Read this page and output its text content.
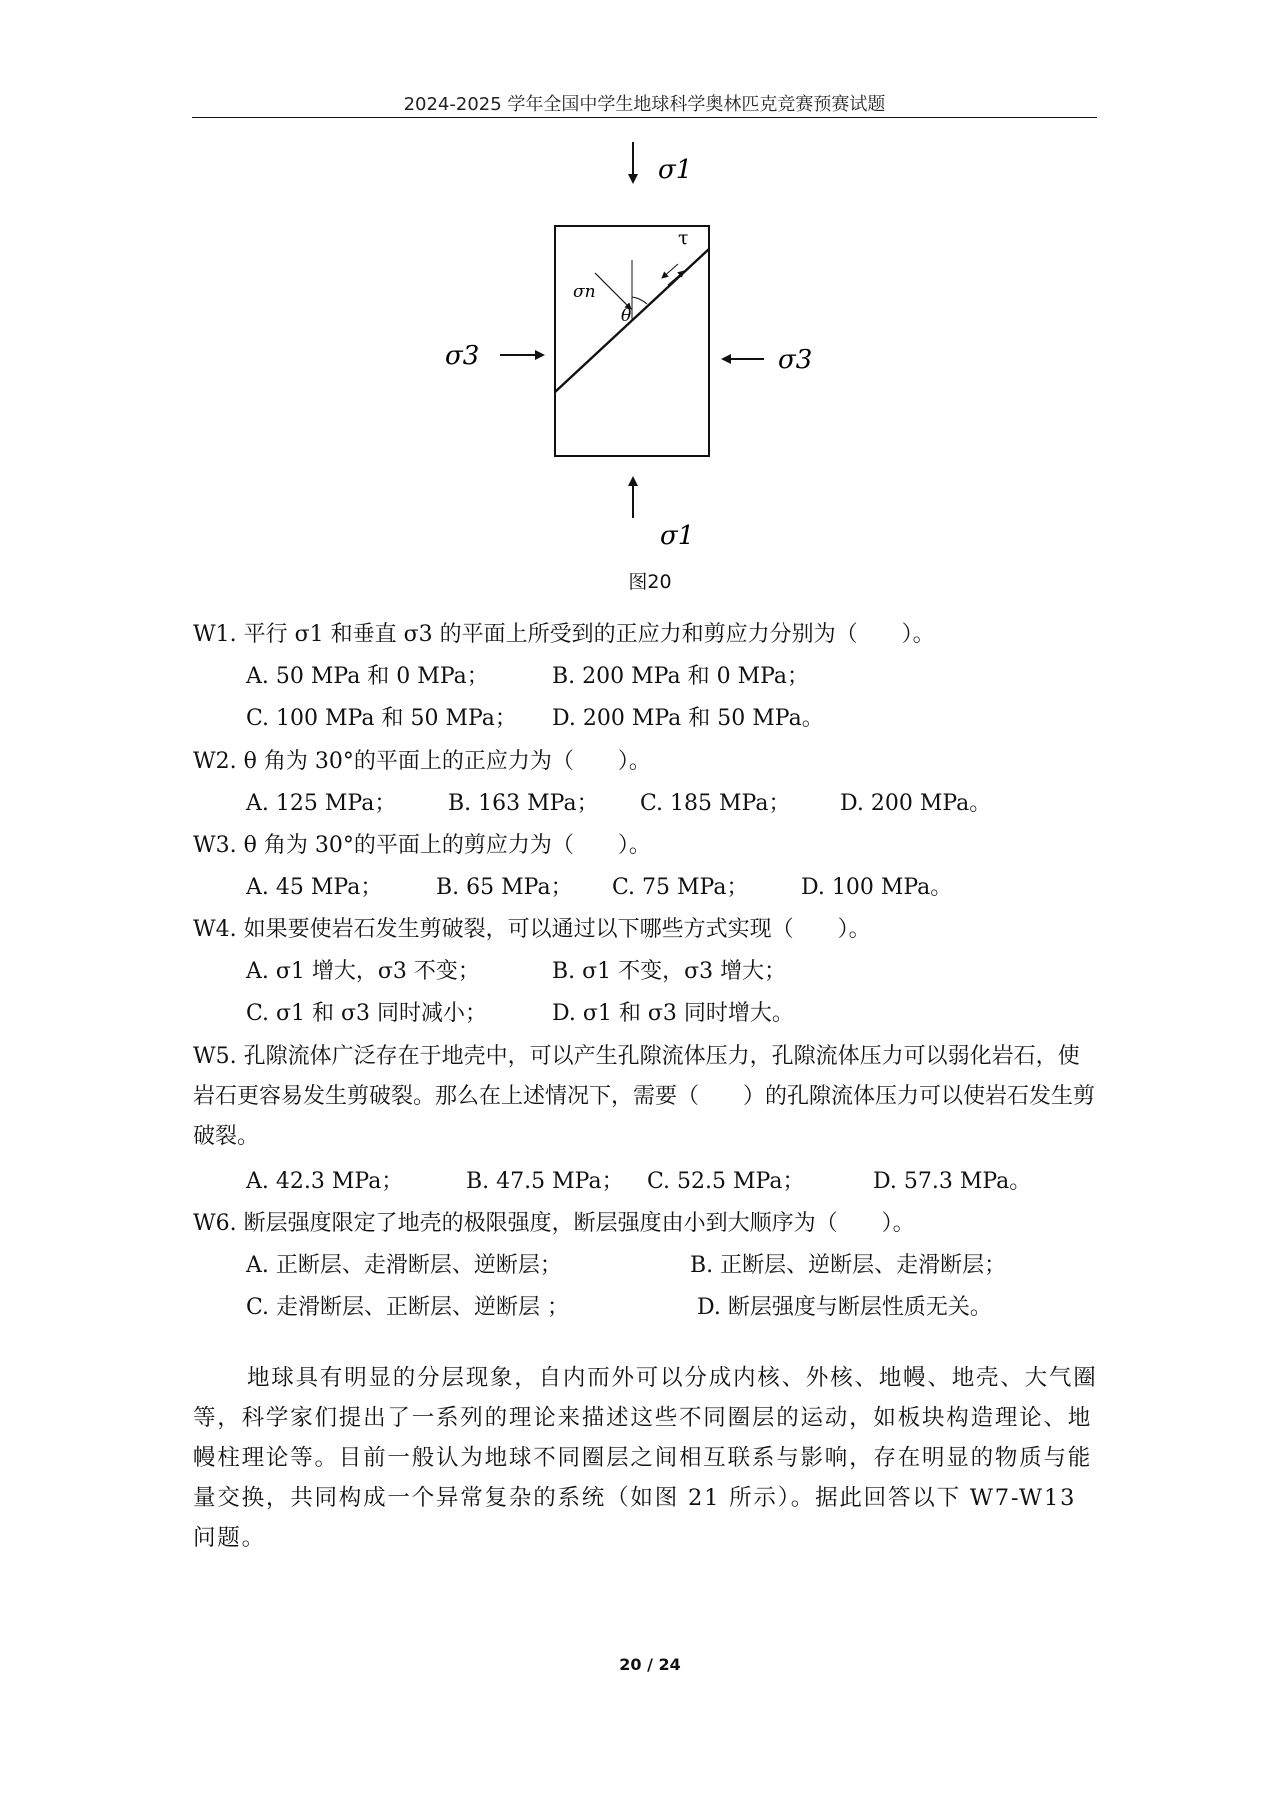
2024-2025 学年全国中学生地球科学奥林匹克竞赛预赛试题
σ1
σ1
σ3	σ3
σn
θ
τ
图20
W1. 平行 σ1 和垂直 σ3 的平面上所受到的正应力和剪应力分别为（　　）。
A. 50 MPa 和 0 MPa；	B. 200 MPa 和 0 MPa；
C. 100 MPa 和 50 MPa； D. 200 MPa 和 50 MPa。
W2. θ 角为 30°的平面上的正应力为（　　）。
A. 125 MPa； B. 163 MPa； C. 185 MPa； D. 200 MPa。
W3. θ 角为 30°的平面上的剪应力为（　　）。
A. 45 MPa； B. 65 MPa； C. 75 MPa； D. 100 MPa。
W4. 如果要使岩石发生剪破裂，可以通过以下哪些方式实现（　　）。
A. σ1 增大，σ3 不变；	B. σ1 不变，σ3 增大；
C. σ1 和 σ3 同时减小；	D. σ1 和 σ3 同时增大。
W5. 孔隙流体广泛存在于地壳中，可以产生孔隙流体压力，孔隙流体压力可以弱化岩石，使岩石更容易发生剪破裂。那么在上述情况下，需要（　　）的孔隙流体压力可以使岩石发生剪破裂。
A. 42.3 MPa；	B. 47.5 MPa； C. 52.5 MPa；	D. 57.3 MPa。
W6. 断层强度限定了地壳的极限强度，断层强度由小到大顺序为（　　）。
A. 正断层、走滑断层、逆断层；	B. 正断层、逆断层、走滑断层；
C. 走滑断层、正断层、逆断层 ；	D. 断层强度与断层性质无关。
地球具有明显的分层现象，自内而外可以分成内核、外核、地幔、地壳、大气圈等，科学家们提出了一系列的理论来描述这些不同圈层的运动，如板块构造理论、地幔柱理论等。目前一般认为地球不同圈层之间相互联系与影响，存在明显的物质与能量交换，共同构成一个异常复杂的系统（如图 21 所示）。据此回答以下 W7-W13 问题。
20 / 24
